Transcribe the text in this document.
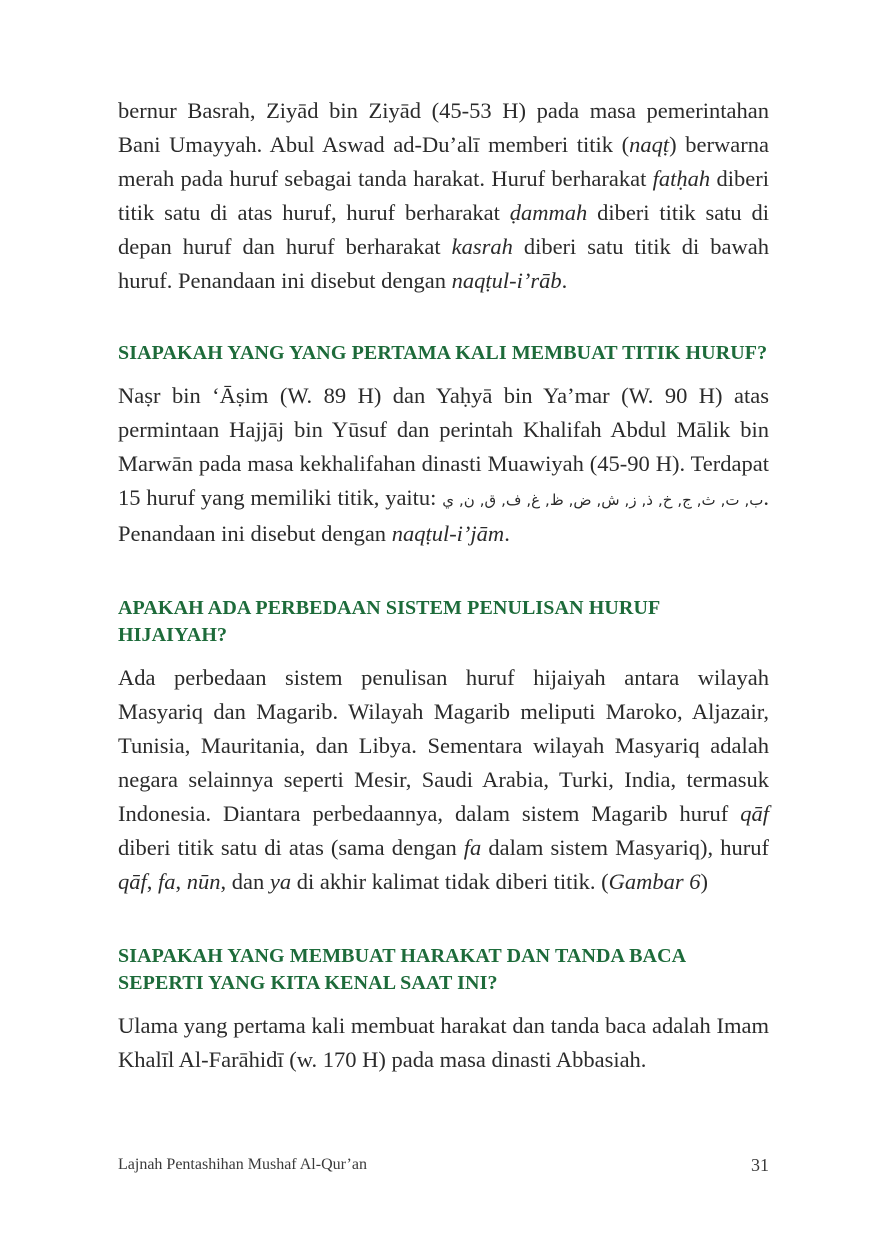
bernur Basrah, Ziyād bin Ziyād (45-53 H) pada masa pemerintahan Bani Umayyah. Abul Aswad ad-Du’alī memberi titik (naqṭ) berwarna merah pada huruf sebagai tanda harakat. Huruf berharakat fatḥah diberi titik satu di atas huruf, huruf berharakat ḍammah diberi titik satu di depan huruf dan huruf berharakat kasrah diberi satu titik di bawah huruf. Penandaan ini disebut dengan naqṭul-i’rāb.

SIAPAKAH YANG YANG PERTAMA KALI MEMBUAT TITIK HURUF?

Naṣr bin ‘Āṣim (W. 89 H) dan Yaḥyā bin Ya’mar (W. 90 H) atas permintaan Hajjāj bin Yūsuf dan perintah Khalifah Abdul Mālik bin Marwān pada masa kekhalifahan dinasti Muawiyah (45-90 H). Terdapat 15 huruf yang memiliki titik, yaitu: ب, ت, ث, ج, خ, ذ, ز, ش, ض, ظ, غ, ف, ق, ن, ي. Penandaan ini disebut dengan naqṭul-i’jām.

APAKAH ADA PERBEDAAN SISTEM PENULISAN HURUF HIJAIYAH?

Ada perbedaan sistem penulisan huruf hijaiyah antara wilayah Masyariq dan Magarib. Wilayah Magarib meliputi Maroko, Aljazair, Tunisia, Mauritania, dan Libya. Sementara wilayah Masyariq adalah negara selainnya seperti Mesir, Saudi Arabia, Turki, India, termasuk Indonesia. Diantara perbedaannya, dalam sistem Magarib huruf qāf diberi titik satu di atas (sama dengan fa dalam sistem Masyariq), huruf qāf, fa, nūn, dan ya di akhir kalimat tidak diberi titik. (Gambar 6)

SIAPAKAH YANG MEMBUAT HARAKAT DAN TANDA BACA SEPERTI YANG KITA KENAL SAAT INI?

Ulama yang pertama kali membuat harakat dan tanda baca adalah Imam Khalīl Al-Farāhidī (w. 170 H) pada masa dinasti Abbasiah.

Lajnah Pentashihan Mushaf Al-Qur’an	31
